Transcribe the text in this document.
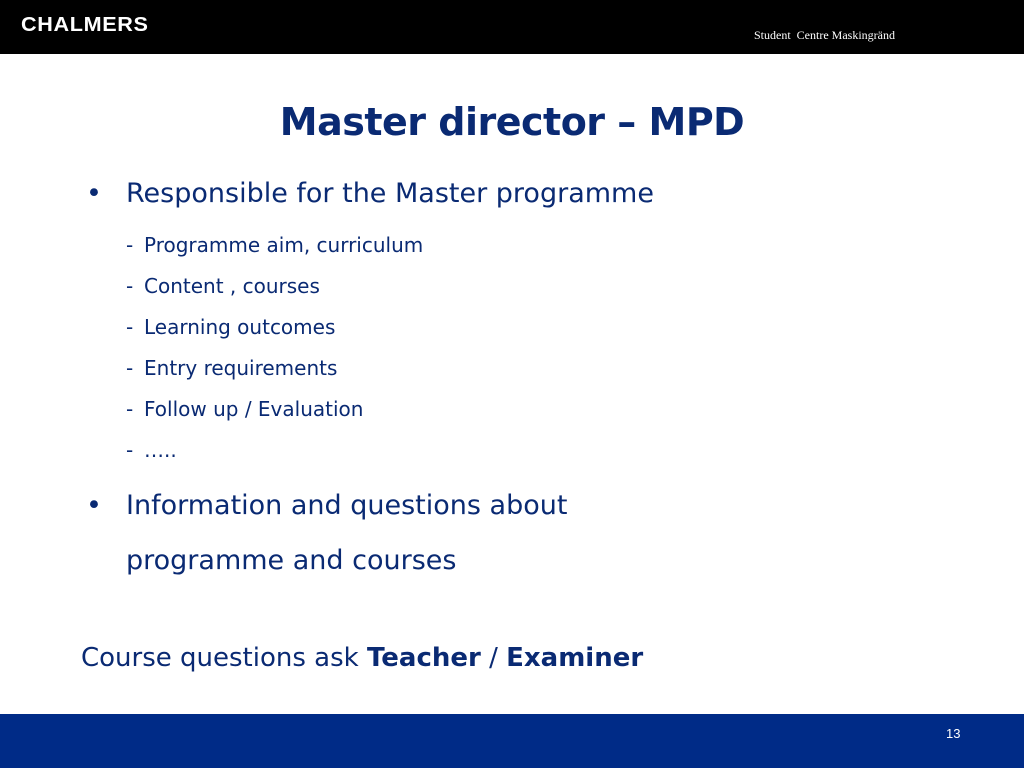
CHALMERS	Student  Centre Maskingränd
Master director – MPD
• Responsible for the Master programme
- Programme aim, curriculum
- Content , courses
- Learning outcomes
- Entry requirements
- Follow up / Evaluation
- …..
• Information and questions about
programme and courses
Course questions ask Teacher / Examiner
13
